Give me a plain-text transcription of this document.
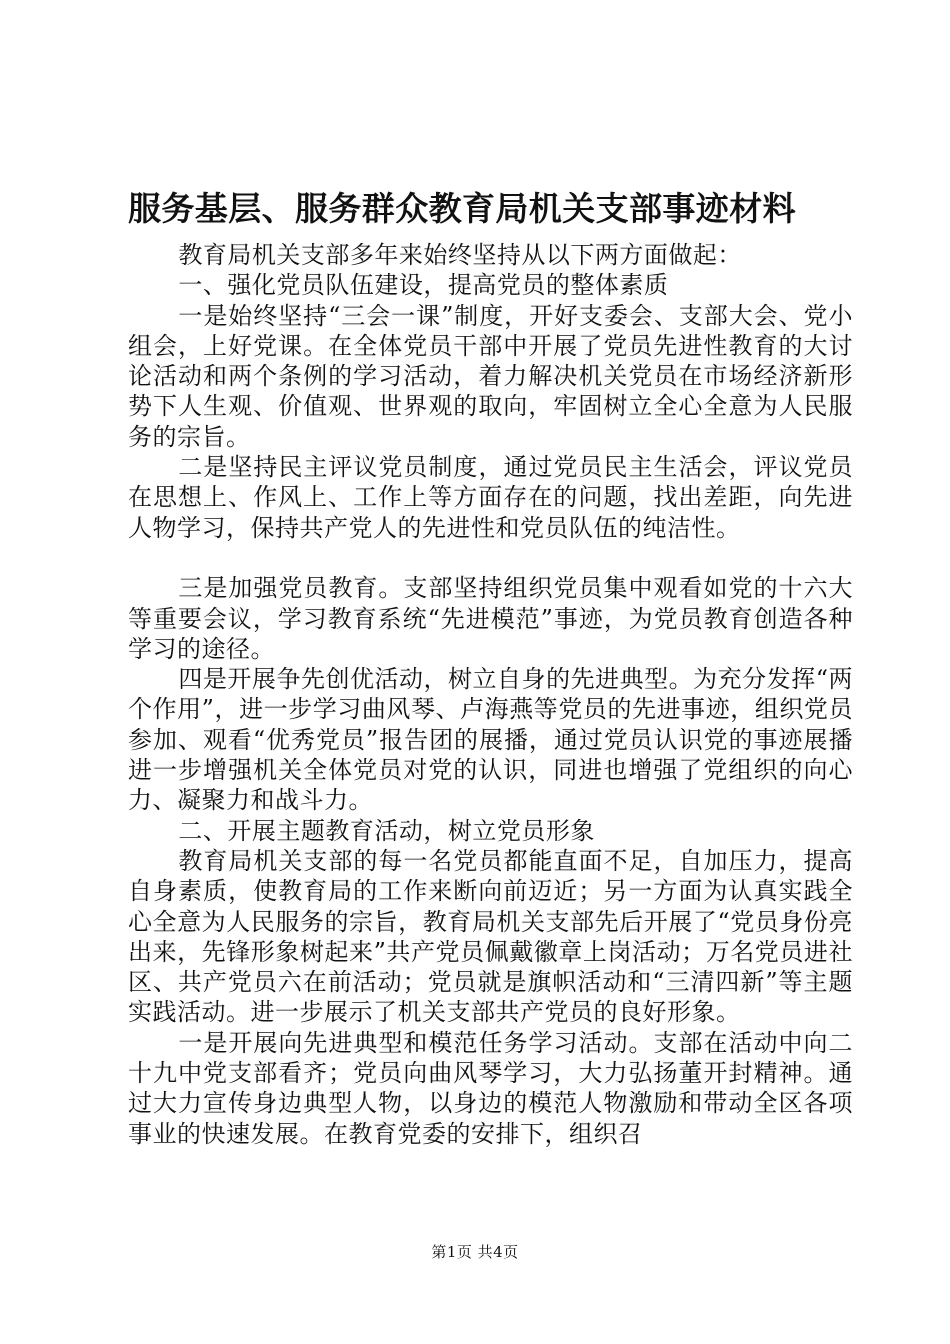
服务基层、服务群众教育局机关支部事迹材料

教育局机关支部多年来始终坚持从以下两方面做起：

一、强化党员队伍建设，提高党员的整体素质

一是始终坚持“三会一课”制度，开好支委会、支部大会、党小组会，上好党课。在全体党员干部中开展了党员先进性教育的大讨论活动和两个条例的学习活动，着力解决机关党员在市场经济新形势下人生观、价值观、世界观的取向，牢固树立全心全意为人民服务的宗旨。

二是坚持民主评议党员制度，通过党员民主生活会，评议党员在思想上、作风上、工作上等方面存在的问题，找出差距，向先进人物学习，保持共产党人的先进性和党员队伍的纯洁性。

三是加强党员教育。支部坚持组织党员集中观看如党的十六大等重要会议，学习教育系统“先进模范”事迹，为党员教育创造各种学习的途径。

四是开展争先创优活动，树立自身的先进典型。为充分发挥“两个作用”，进一步学习曲风琴、卢海燕等党员的先进事迹，组织党员参加、观看“优秀党员”报告团的展播，通过党员认识党的事迹展播进一步增强机关全体党员对党的认识，同进也增强了党组织的向心力、凝聚力和战斗力。

二、开展主题教育活动，树立党员形象

教育局机关支部的每一名党员都能直面不足，自加压力，提高自身素质，使教育局的工作来断向前迈近；另一方面为认真实践全心全意为人民服务的宗旨，教育局机关支部先后开展了“党员身份亮出来，先锋形象树起来”共产党员佩戴徽章上岗活动；万名党员进社区、共产党员六在前活动；党员就是旗帜活动和“三清四新”等主题实践活动。进一步展示了机关支部共产党员的良好形象。

一是开展向先进典型和模范任务学习活动。支部在活动中向二十九中党支部看齐；党员向曲风琴学习，大力弘扬董开封精神。通过大力宣传身边典型人物，以身边的模范人物激励和带动全区各项事业的快速发展。在教育党委的安排下，组织召

第1页 共4页
